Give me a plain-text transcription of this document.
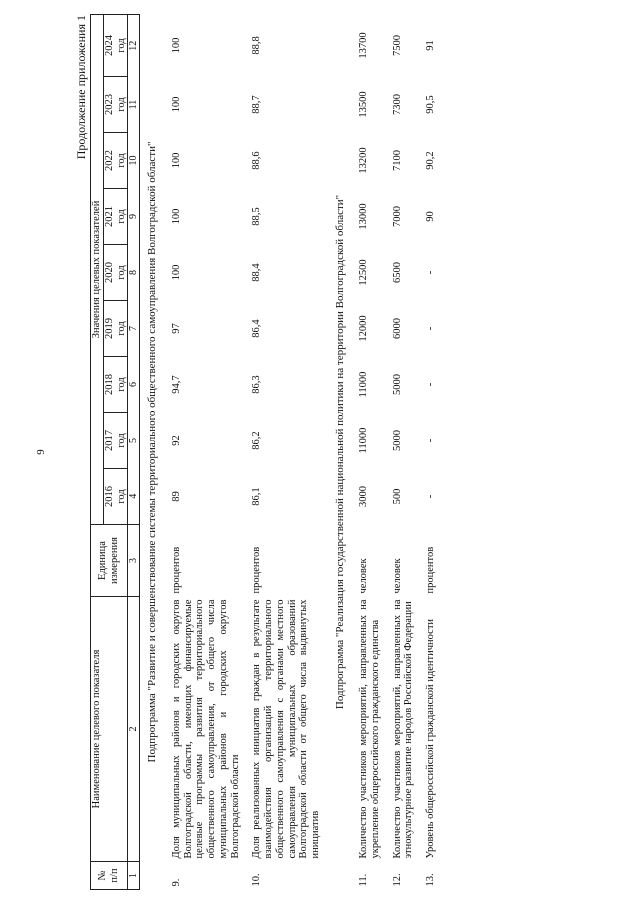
9
Продолжение приложения 1
№
п/п	Наименование целевого показателя	Единица
измерения	Значения целевых показателей								

			2016 год	2017 год	2018 год	2019 год	2020 год	2021 год	2022 год	2023 год	2024 год

1	2	3	4	5	6	7	8	9	10	11	12
Подпрограмма "Развитие и совершенствование системы территориального общественного самоуправления Волгоградской области"											
9.	Доля муниципальных районов и городских округов Волгоградской области, имеющих финансируемые целевые программы развития территориального общественного самоуправления, от общего числа муниципальных районов и городских округов Волгоградской области	процентов	89	92	94,7	97	100	100	100	100	100
10.	Доля реализованных инициатив граждан в результате взаимодействия организаций территориального общественного самоуправления с органами местного самоуправления муниципальных образований Волгоградской области от общего числа выдвинутых инициатив	процентов	86,1	86,2	86,3	86,4	88,4	88,5	88,6	88,7	88,8
Подпрограмма "Реализация государственной национальной политики на территории Волгоградской области"											
11.	Количество участников мероприятий, направленных на укрепление общероссийского гражданского единства	человек	3000	11000	11000	12000	12500	13000	13200	13500	13700
12.	Количество участников мероприятий, направленных на этнокультурное развитие народов Российской Федерации	человек	500	5000	5000	6000	6500	7000	7100	7300	7500
13.	Уровень общероссийской гражданской идентичности	процентов	-	-	-	-	-	90	90,2	90,5	91
